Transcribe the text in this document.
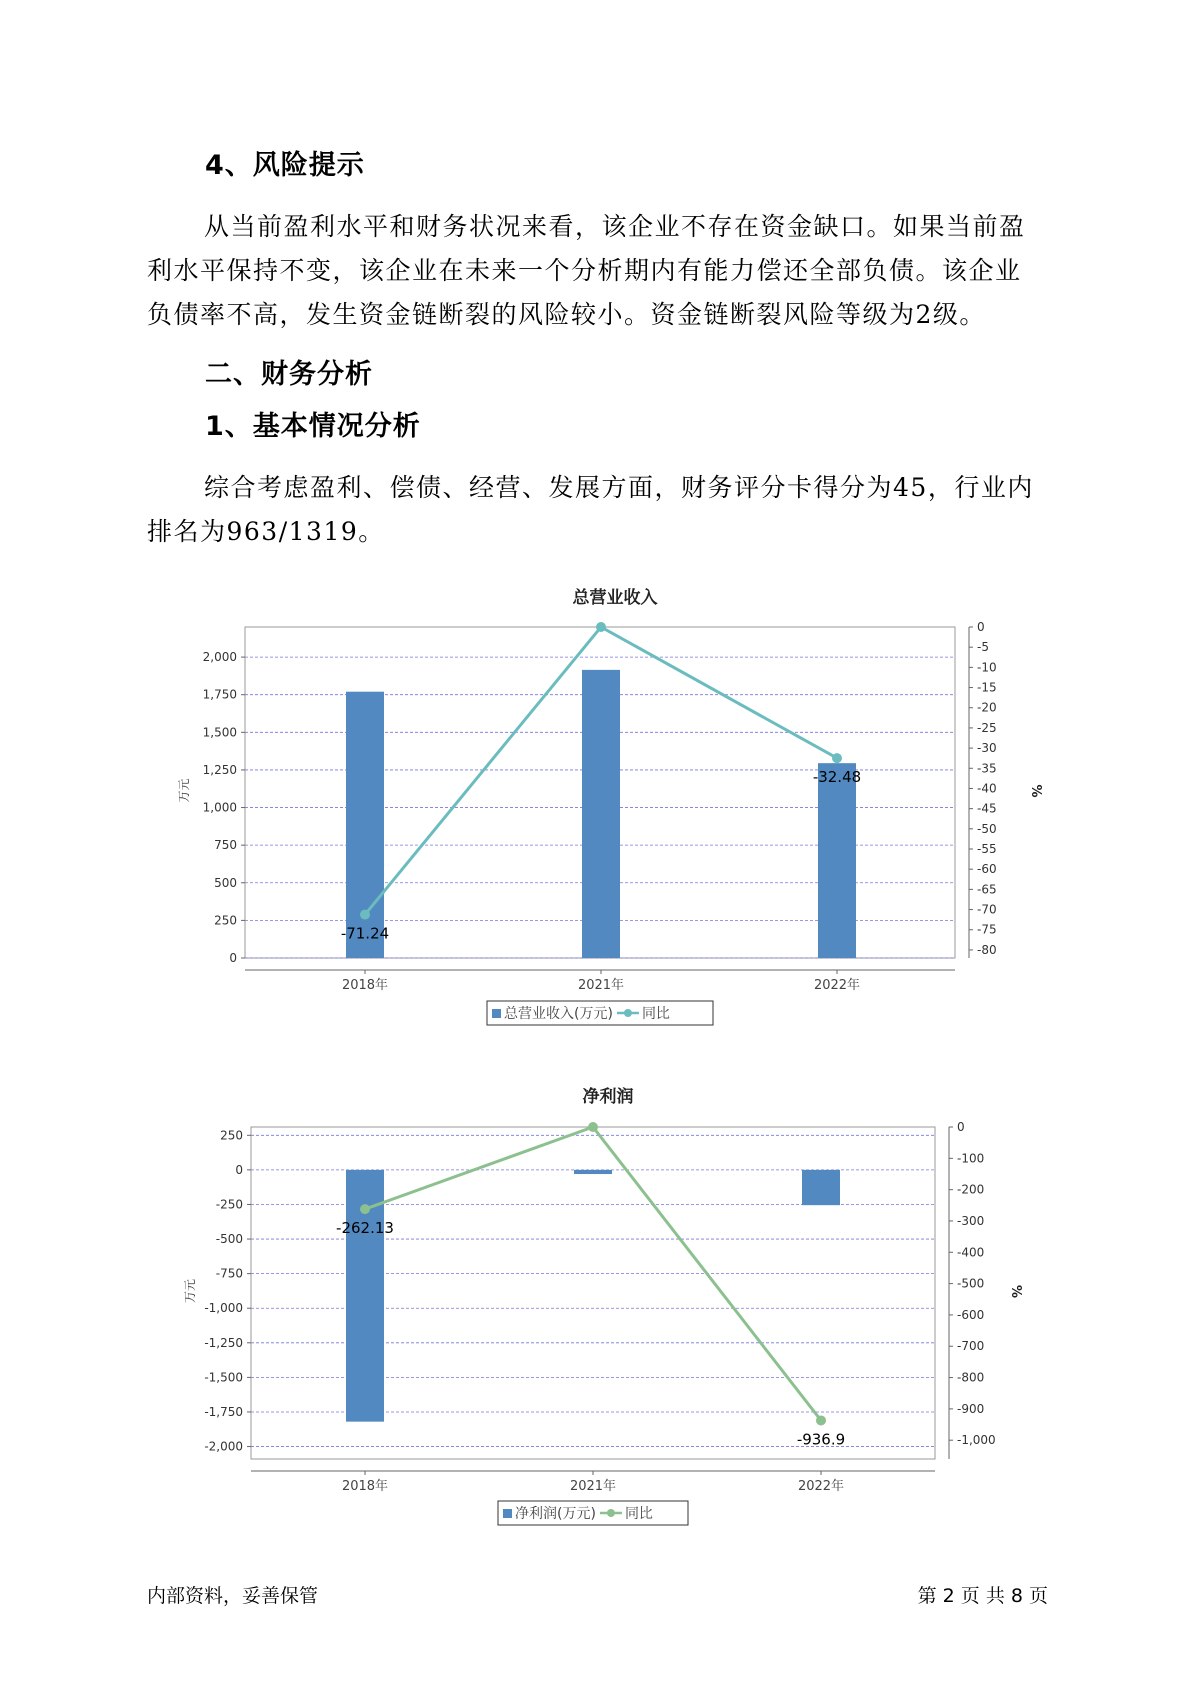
4、风险提示
从当前盈利水平和财务状况来看，该企业不存在资金缺口。如果当前盈利水平保持不变，该企业在未来一个分析期内有能力偿还全部负债。该企业负债率不高，发生资金链断裂的风险较小。资金链断裂风险等级为2级。
二、财务分析
1、基本情况分析
综合考虑盈利、偿债、经营、发展方面，财务评分卡得分为45，行业内排名为963/1319。
总营业收入
0
250
500
750
1,000
1,250
1,500
1,750
2,000
0
-5
-10
-15
-20
-25
-30
-35
-40
-45
-50
-55
-60
-65
-70
-75
-80
万元	%
2018年	2021年	2022年
-71.24
-32.48
总营业收入(万元) 同比
净利润
250
0
-250
-500
-750
-1,000
-1,250
-1,500
-1,750
-2,000
0
-100
-200
-300
-400
-500
-600
-700
-800
-900
-1,000
万元	%
2018年	2021年	2022年
-262.13
-936.9
净利润(万元) 同比
内部资料，妥善保管	第 2 页 共 8 页
